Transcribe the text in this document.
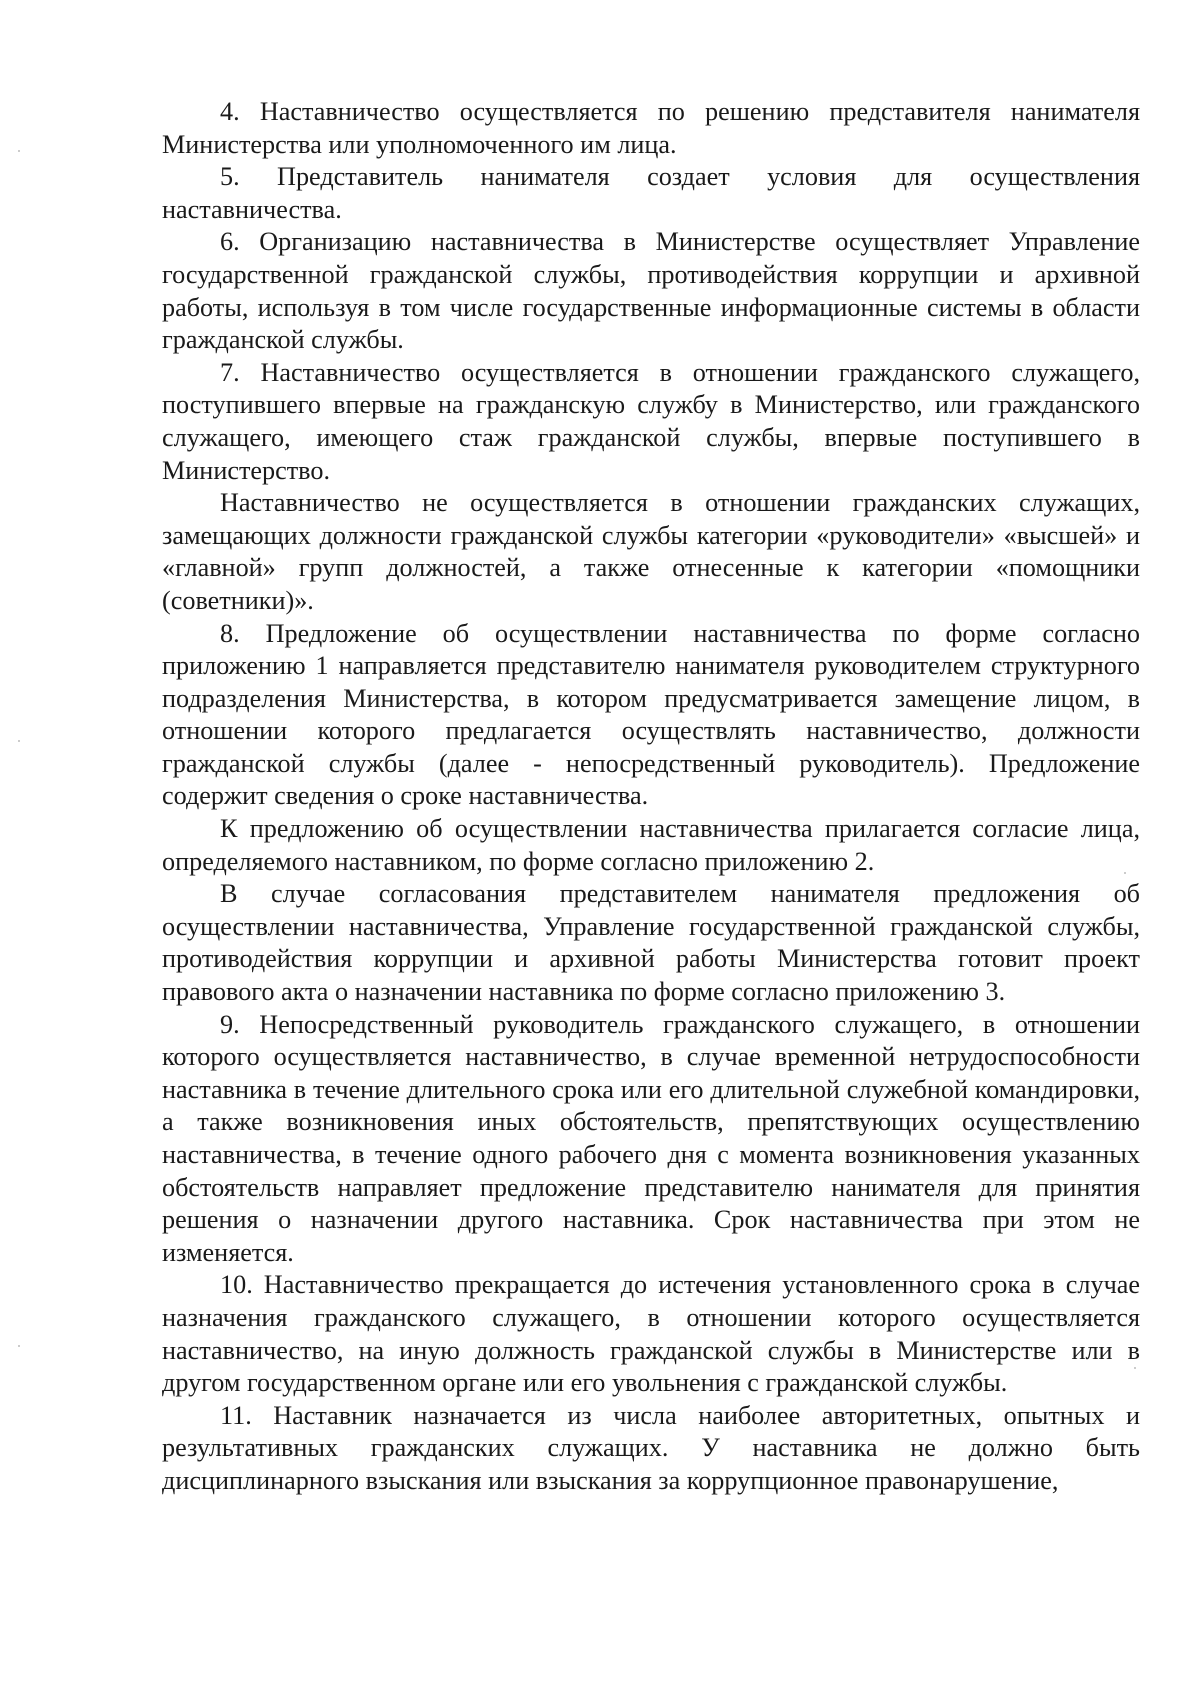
4. Наставничество осуществляется по решению представителя нанимателя Министерства или уполномоченного им лица.

5. Представитель нанимателя создает условия для осуществления наставничества.

6. Организацию наставничества в Министерстве осуществляет Управление государственной гражданской службы, противодействия коррупции и архивной работы, используя в том числе государственные информационные системы в области гражданской службы.

7. Наставничество осуществляется в отношении гражданского служащего, поступившего впервые на гражданскую службу в Министерство, или гражданского служащего, имеющего стаж гражданской службы, впервые поступившего в Министерство.

Наставничество не осуществляется в отношении гражданских служащих, замещающих должности гражданской службы категории «руководители» «высшей» и «главной» групп должностей, а также отнесенные к категории «помощники (советники)».

8. Предложение об осуществлении наставничества по форме согласно приложению 1 направляется представителю нанимателя руководителем структурного подразделения Министерства, в котором предусматривается замещение лицом, в отношении которого предлагается осуществлять наставничество, должности гражданской службы (далее - непосредственный руководитель). Предложение содержит сведения о сроке наставничества.

К предложению об осуществлении наставничества прилагается согласие лица, определяемого наставником, по форме согласно приложению 2.

В случае согласования представителем нанимателя предложения об осуществлении наставничества, Управление государственной гражданской службы, противодействия коррупции и архивной работы Министерства готовит проект правового акта о назначении наставника по форме согласно приложению 3.

9. Непосредственный руководитель гражданского служащего, в отношении которого осуществляется наставничество, в случае временной нетрудоспособности наставника в течение длительного срока или его длительной служебной командировки, а также возникновения иных обстоятельств, препятствующих осуществлению наставничества, в течение одного рабочего дня с момента возникновения указанных обстоятельств направляет предложение представителю нанимателя для принятия решения о назначении другого наставника. Срок наставничества при этом не изменяется.

10. Наставничество прекращается до истечения установленного срока в случае назначения гражданского служащего, в отношении которого осуществляется наставничество, на иную должность гражданской службы в Министерстве или в другом государственном органе или его увольнения с гражданской службы.

11. Наставник назначается из числа наиболее авторитетных, опытных и результативных гражданских служащих. У наставника не должно быть дисциплинарного взыскания или взыскания за коррупционное правонарушение,
